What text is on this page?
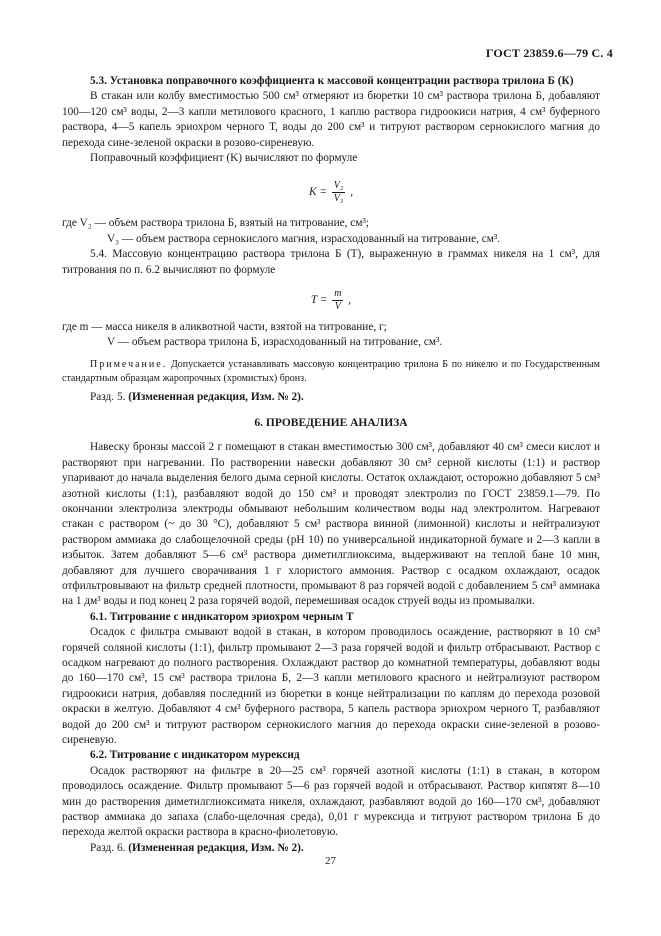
ГОСТ 23859.6—79 С. 4

5.3. Установка поправочного коэффициента к массовой концентрации раствора трилона Б (К)

В стакан или колбу вместимостью 500 см³ отмеряют из бюретки 10 см³ раствора трилона Б, добавляют 100—120 см³ воды, 2—3 капли метилового красного, 1 каплю раствора гидроокиси натрия, 4 см³ буферного раствора, 4—5 капель эриохром черного Т, воды до 200 см³ и титруют раствором сернокислого магния до перехода сине-зеленой окраски в розово-сиреневую.

Поправочный коэффициент (K) вычисляют по формуле

$K = \frac{\text{V₂}}{\text{V₃}}$ ,

где V₂ — объем раствора трилона Б, взятый на титрование, см³;

V₃ — объем раствора сернокислого магния, израсходованный на титрование, см³.

5.4. Массовую концентрацию раствора трилона Б (Т), выраженную в граммах никеля на 1 см³, для титрования по п. 6.2 вычисляют по формуле

$T = \frac{m}{V}$ ,

где m — масса никеля в аликвотной части, взятой на титрование, г;

V — объем раствора трилона Б, израсходованный на титрование, см³.

Примечание. Допускается устанавливать массовую концентрацию трилона Б по никелю и по Государственным стандартным образцам жаропрочных (хромистых) бронз.

Разд. 5. (Измененная редакция, Изм. № 2).

6. ПРОВЕДЕНИЕ АНАЛИЗА

Навеску бронзы массой 2 г помещают в стакан вместимостью 300 см³, добавляют 40 см³ смеси кислот и растворяют при нагревании. По растворении навески добавляют 30 см³ серной кислоты (1:1) и раствор упаривают до начала выделения белого дыма серной кислоты. Остаток охлаждают, осторожно добавляют 5 см³ азотной кислоты (1:1), разбавляют водой до 150 см³ и проводят электролиз по ГОСТ 23859.1—79. По окончании электролиза электроды обмывают небольшим количеством воды над электролитом. Нагревают стакан с раствором (~ до 30 °С), добавляют 5 см³ раствора винной (лимонной) кислоты и нейтрализуют раствором аммиака до слабощелочной среды (рН 10) по универсальной индикаторной бумаге и 2—3 капли в избыток. Затем добавляют 5—6 см³ раствора диметилглиоксима, выдерживают на теплой бане 10 мин, добавляют для лучшего сворачивания 1 г хлористого аммония. Раствор с осадком охлаждают, осадок отфильтровывают на фильтр средней плотности, промывают 8 раз горячей водой с добавлением 5 см³ аммиака на 1 дм³ воды и под конец 2 раза горячей водой, перемешивая осадок струей воды из промывалки.

6.1. Титрование с индикатором эриохром черным Т

Осадок с фильтра смывают водой в стакан, в котором проводилось осаждение, растворяют в 10 см³ горячей соляной кислоты (1:1), фильтр промывают 2—3 раза горячей водой и фильтр отбрасывают. Раствор с осадком нагревают до полного растворения. Охлаждают раствор до комнатной температуры, добавляют воды до 160—170 см³, 15 см³ раствора трилона Б, 2—3 капли метилового красного и нейтрализуют раствором гидроокиси натрия, добавляя последний из бюретки в конце нейтрализации по каплям до перехода розовой окраски в желтую. Добавляют 4 см³ буферного раствора, 5 капель раствора эриохром черного Т, разбавляют водой до 200 см³ и титруют раствором сернокислого магния до перехода окраски сине-зеленой в розово-сиреневую.

6.2. Титрование с индикатором мурексид

Осадок растворяют на фильтре в 20—25 см³ горячей азотной кислоты (1:1) в стакан, в котором проводилось осаждение. Фильтр промывают 5—6 раз горячей водой и отбрасывают. Раствор кипятят 8—10 мин до растворения диметилглиоксимата никеля, охлаждают, разбавляют водой до 160—170 см³, добавляют раствор аммиака до запаха (слабо-щелочная среда), 0,01 г мурексида и титруют раствором трилона Б до перехода желтой окраски раствора в красно-фиолетовую.

Разд. 6. (Измененная редакция, Изм. № 2).

27
